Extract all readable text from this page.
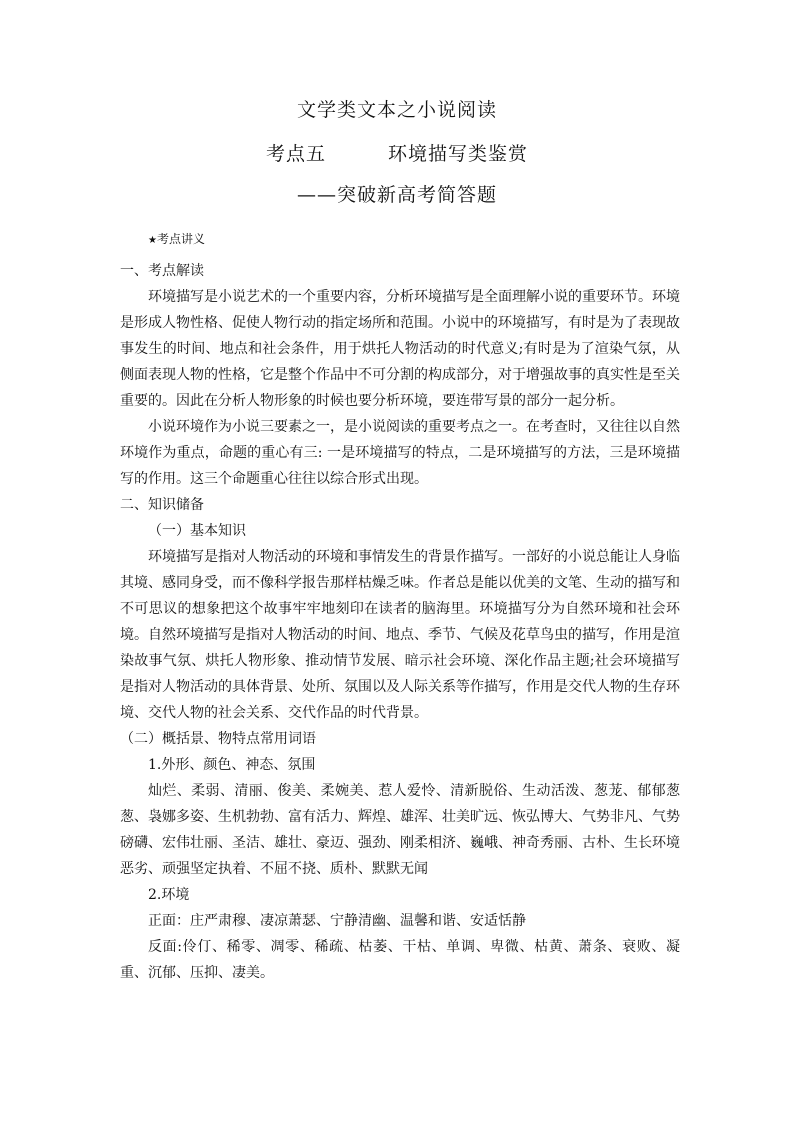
文学类文本之小说阅读
考点五	环境描写类鉴赏
——突破新高考简答题

★考点讲义

一、考点解读

环境描写是小说艺术的一个重要内容，分析环境描写是全面理解小说的重要环节。环境是形成人物性格、促使人物行动的指定场所和范围。小说中的环境描写，有时是为了表现故事发生的时间、地点和社会条件，用于烘托人物活动的时代意义;有时是为了渲染气氛，从侧面表现人物的性格，它是整个作品中不可分割的构成部分，对于增强故事的真实性是至关重要的。因此在分析人物形象的时候也要分析环境，要连带写景的部分一起分析。

小说环境作为小说三要素之一，是小说阅读的重要考点之一。在考查时，又往往以自然环境作为重点，命题的重心有三: 一是环境描写的特点，二是环境描写的方法，三是环境描写的作用。这三个命题重心往往以综合形式出现。

二、知识储备

（一）基本知识

环境描写是指对人物活动的环境和事情发生的背景作描写。一部好的小说总能让人身临其境、感同身受，而不像科学报告那样枯燥乏味。作者总是能以优美的文笔、生动的描写和不可思议的想象把这个故事牢牢地刻印在读者的脑海里。环境描写分为自然环境和社会环境。自然环境描写是指对人物活动的时间、地点、季节、气候及花草鸟虫的描写，作用是渲染故事气氛、烘托人物形象、推动情节发展、暗示社会环境、深化作品主题;社会环境描写是指对人物活动的具体背景、处所、氛围以及人际关系等作描写，作用是交代人物的生存环境、交代人物的社会关系、交代作品的时代背景。

（二）概括景、物特点常用词语

1.外形、颜色、神态、氛围

灿烂、柔弱、清丽、俊美、柔婉美、惹人爱怜、清新脱俗、生动活泼、葱茏、郁郁葱葱、袅娜多姿、生机勃勃、富有活力、辉煌、雄浑、壮美旷远、恢弘博大、气势非凡、气势磅礴、宏伟壮丽、圣洁、雄壮、豪迈、强劲、刚柔相济、巍峨、神奇秀丽、古朴、生长环境恶劣、顽强坚定执着、不屈不挠、质朴、默默无闻

2.环境

正面：庄严肃穆、凄凉萧瑟、宁静清幽、温馨和谐、安适恬静

反面:伶仃、稀零、凋零、稀疏、枯萎、干枯、单调、卑微、枯黄、萧条、衰败、凝重、沉郁、压抑、凄美。
